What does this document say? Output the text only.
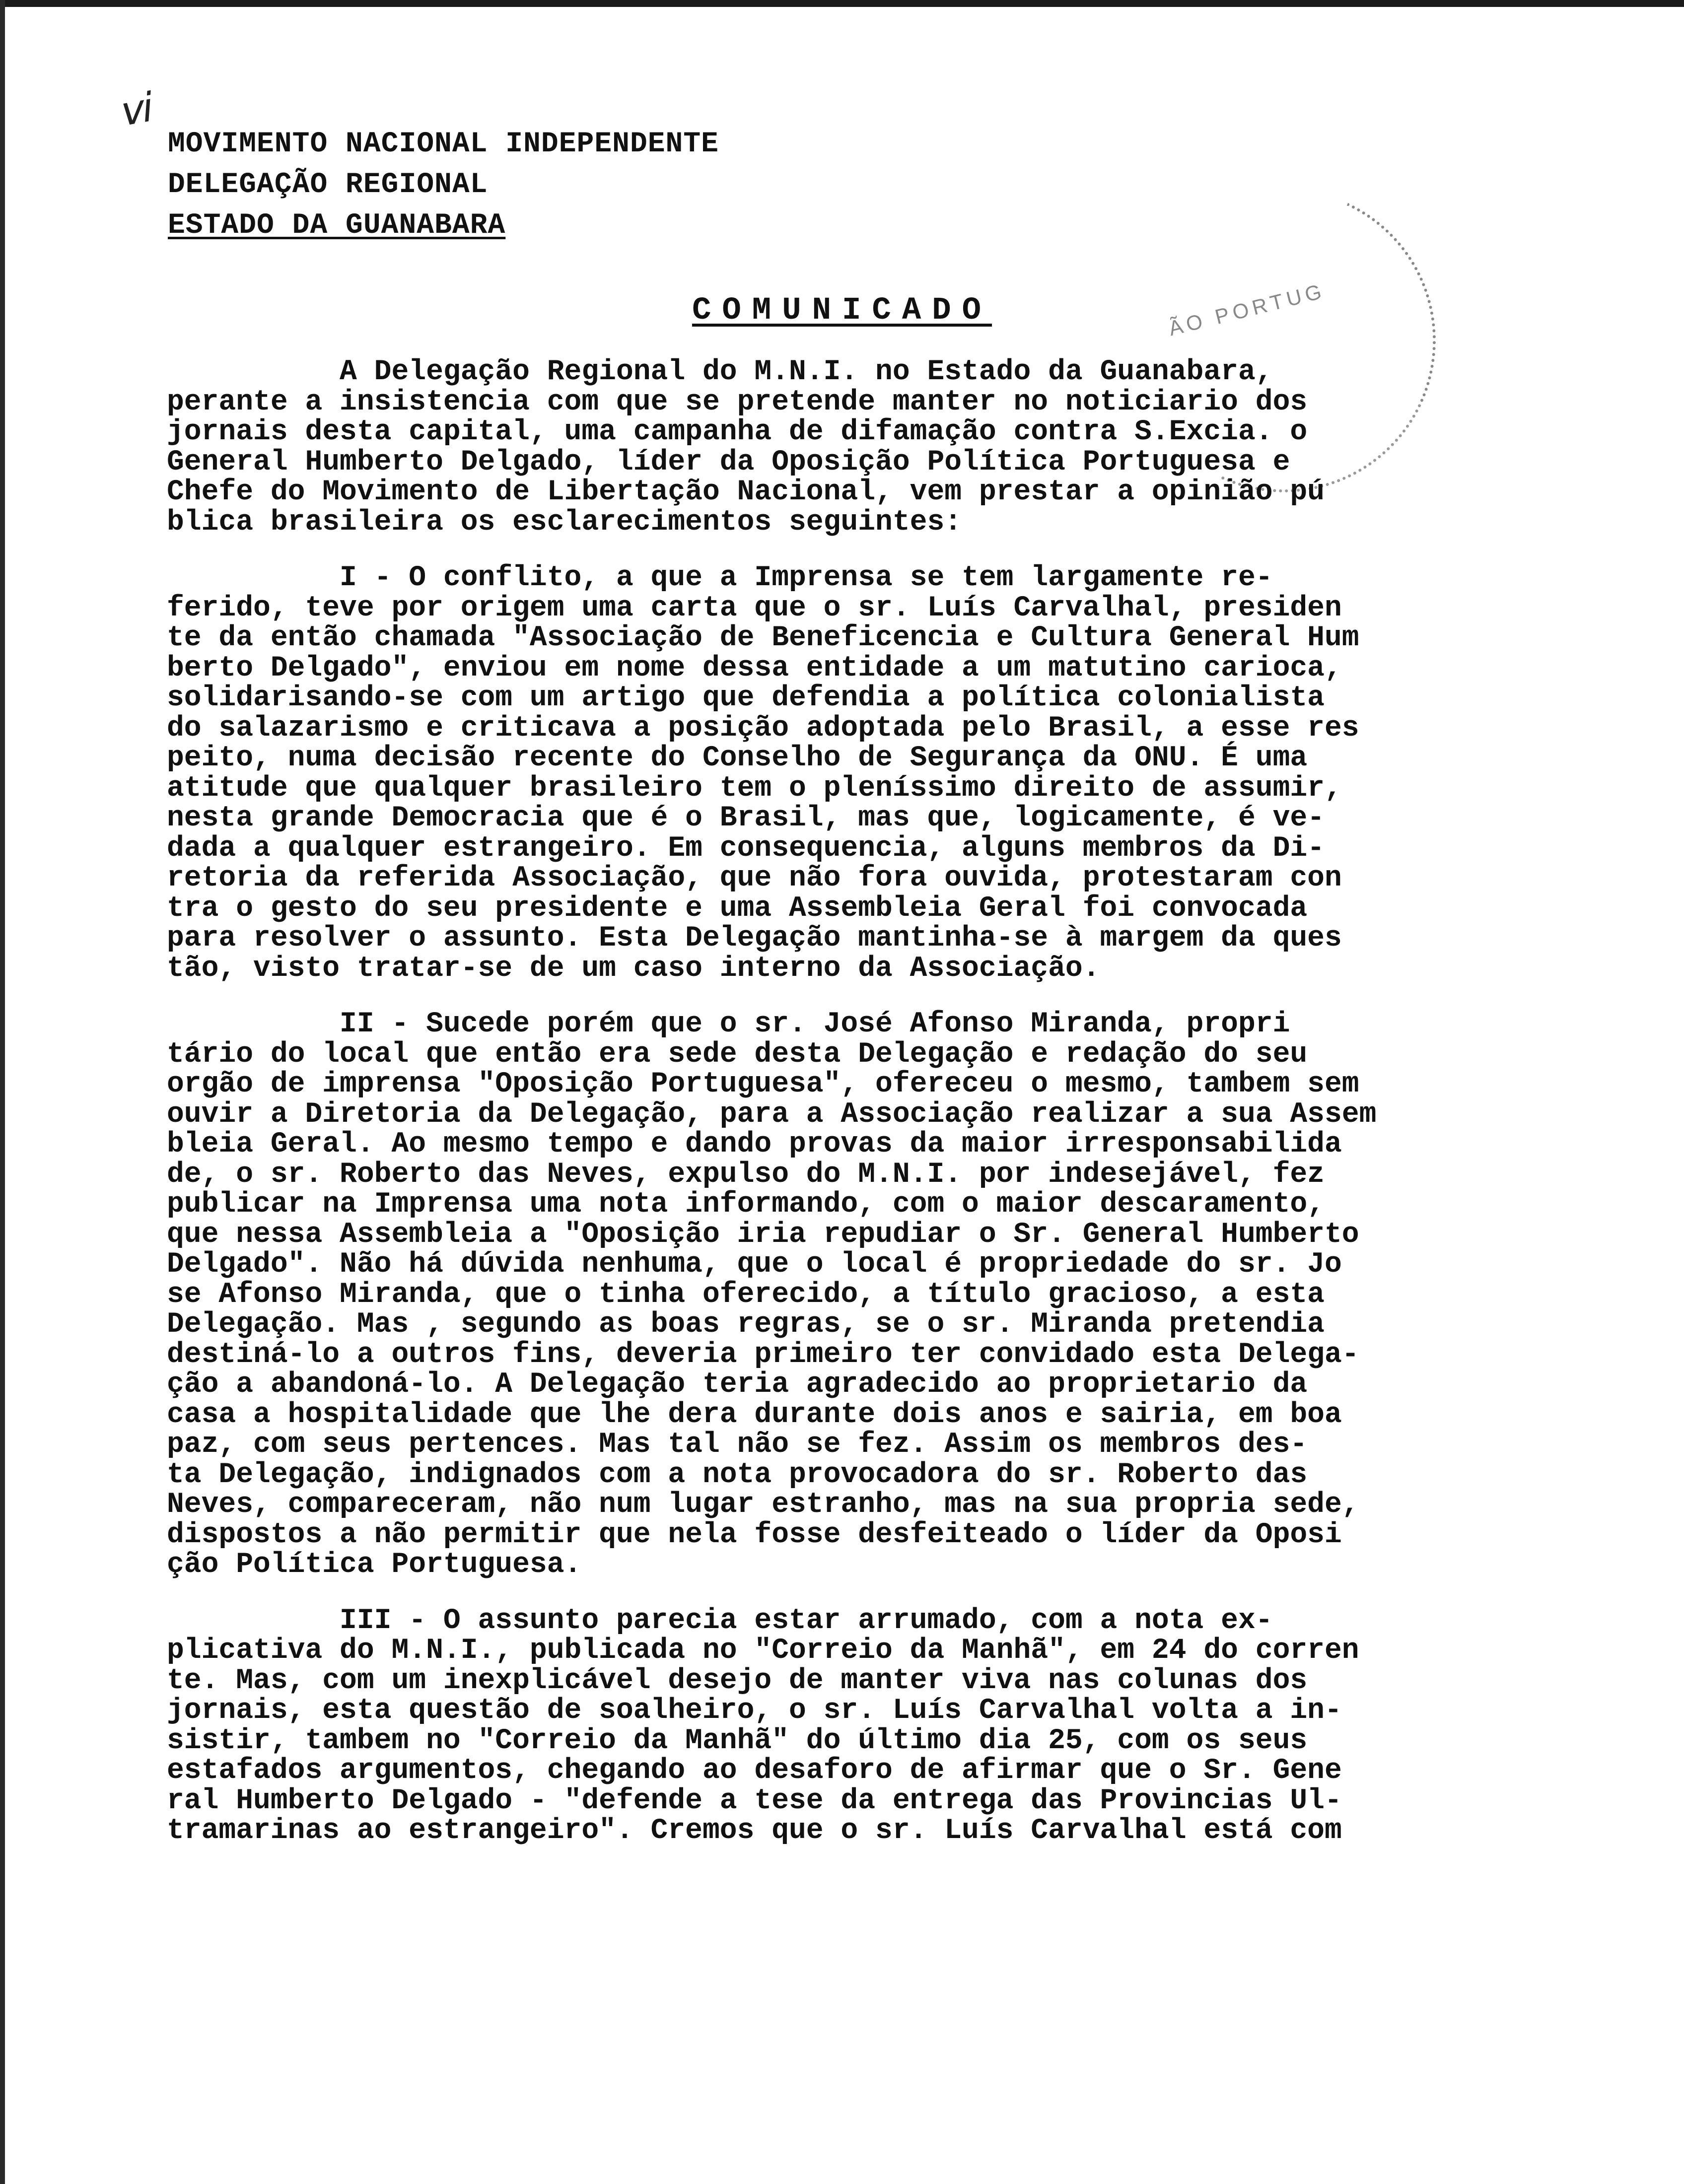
ⅵ
ÃO PORTUG
MOVIMENTO NACIONAL INDEPENDENTE
DELEGAÇÃO REGIONAL
ESTADO DA GUANABARA
COMUNICADO
A Delegação Regional do M.N.I. no Estado da Guanabara,
perante a insistencia com que se pretende manter no noticiario dos
jornais desta capital, uma campanha de difamação contra S.Excia. o
General Humberto Delgado, líder da Oposição Política Portuguesa e
Chefe do Movimento de Libertação Nacional, vem prestar a opinião pú
blica brasileira os esclarecimentos seguintes:
I - O conflito, a que a Imprensa se tem largamente re-
ferido, teve por origem uma carta que o sr. Luís Carvalhal, presiden
te da então chamada "Associação de Beneficencia e Cultura General Hum
berto Delgado", enviou em nome dessa entidade a um matutino carioca,
solidarisando-se com um artigo que defendia a política colonialista
do salazarismo e criticava a posição adoptada pelo Brasil, a esse res
peito, numa decisão recente do Conselho de Segurança da ONU. É uma
atitude que qualquer brasileiro tem o pleníssimo direito de assumir,
nesta grande Democracia que é o Brasil, mas que, logicamente, é ve-
dada a qualquer estrangeiro. Em consequencia, alguns membros da Di-
retoria da referida Associação, que não fora ouvida, protestaram con
tra o gesto do seu presidente e uma Assembleia Geral foi convocada
para resolver o assunto. Esta Delegação mantinha-se à margem da ques
tão, visto tratar-se de um caso interno da Associação.
II - Sucede porém que o sr. José Afonso Miranda, propri
tário do local que então era sede desta Delegação e redação do seu
orgão de imprensa "Oposição Portuguesa", ofereceu o mesmo, tambem sem
ouvir a Diretoria da Delegação, para a Associação realizar a sua Assem
bleia Geral. Ao mesmo tempo e dando provas da maior irresponsabilida
de, o sr. Roberto das Neves, expulso do M.N.I. por indesejável, fez
publicar na Imprensa uma nota informando, com o maior descaramento,
que nessa Assembleia a "Oposição iria repudiar o Sr. General Humberto
Delgado". Não há dúvida nenhuma, que o local é propriedade do sr. Jo
se Afonso Miranda, que o tinha oferecido, a título gracioso, a esta
Delegação. Mas , segundo as boas regras, se o sr. Miranda pretendia
destiná-lo a outros fins, deveria primeiro ter convidado esta Delega-
ção a abandoná-lo. A Delegação teria agradecido ao proprietario da
casa a hospitalidade que lhe dera durante dois anos e sairia, em boa
paz, com seus pertences. Mas tal não se fez. Assim os membros des-
ta Delegação, indignados com a nota provocadora do sr. Roberto das
Neves, compareceram, não num lugar estranho, mas na sua propria sede,
dispostos a não permitir que nela fosse desfeiteado o líder da Oposi
ção Política Portuguesa.
III - O assunto parecia estar arrumado, com a nota ex-
plicativa do M.N.I., publicada no "Correio da Manhã", em 24 do corren
te. Mas, com um inexplicável desejo de manter viva nas colunas dos
jornais, esta questão de soalheiro, o sr. Luís Carvalhal volta a in-
sistir, tambem no "Correio da Manhã" do último dia 25, com os seus
estafados argumentos, chegando ao desaforo de afirmar que o Sr. Gene
ral Humberto Delgado - "defende a tese da entrega das Provincias Ul-
tramarinas ao estrangeiro". Cremos que o sr. Luís Carvalhal está com
